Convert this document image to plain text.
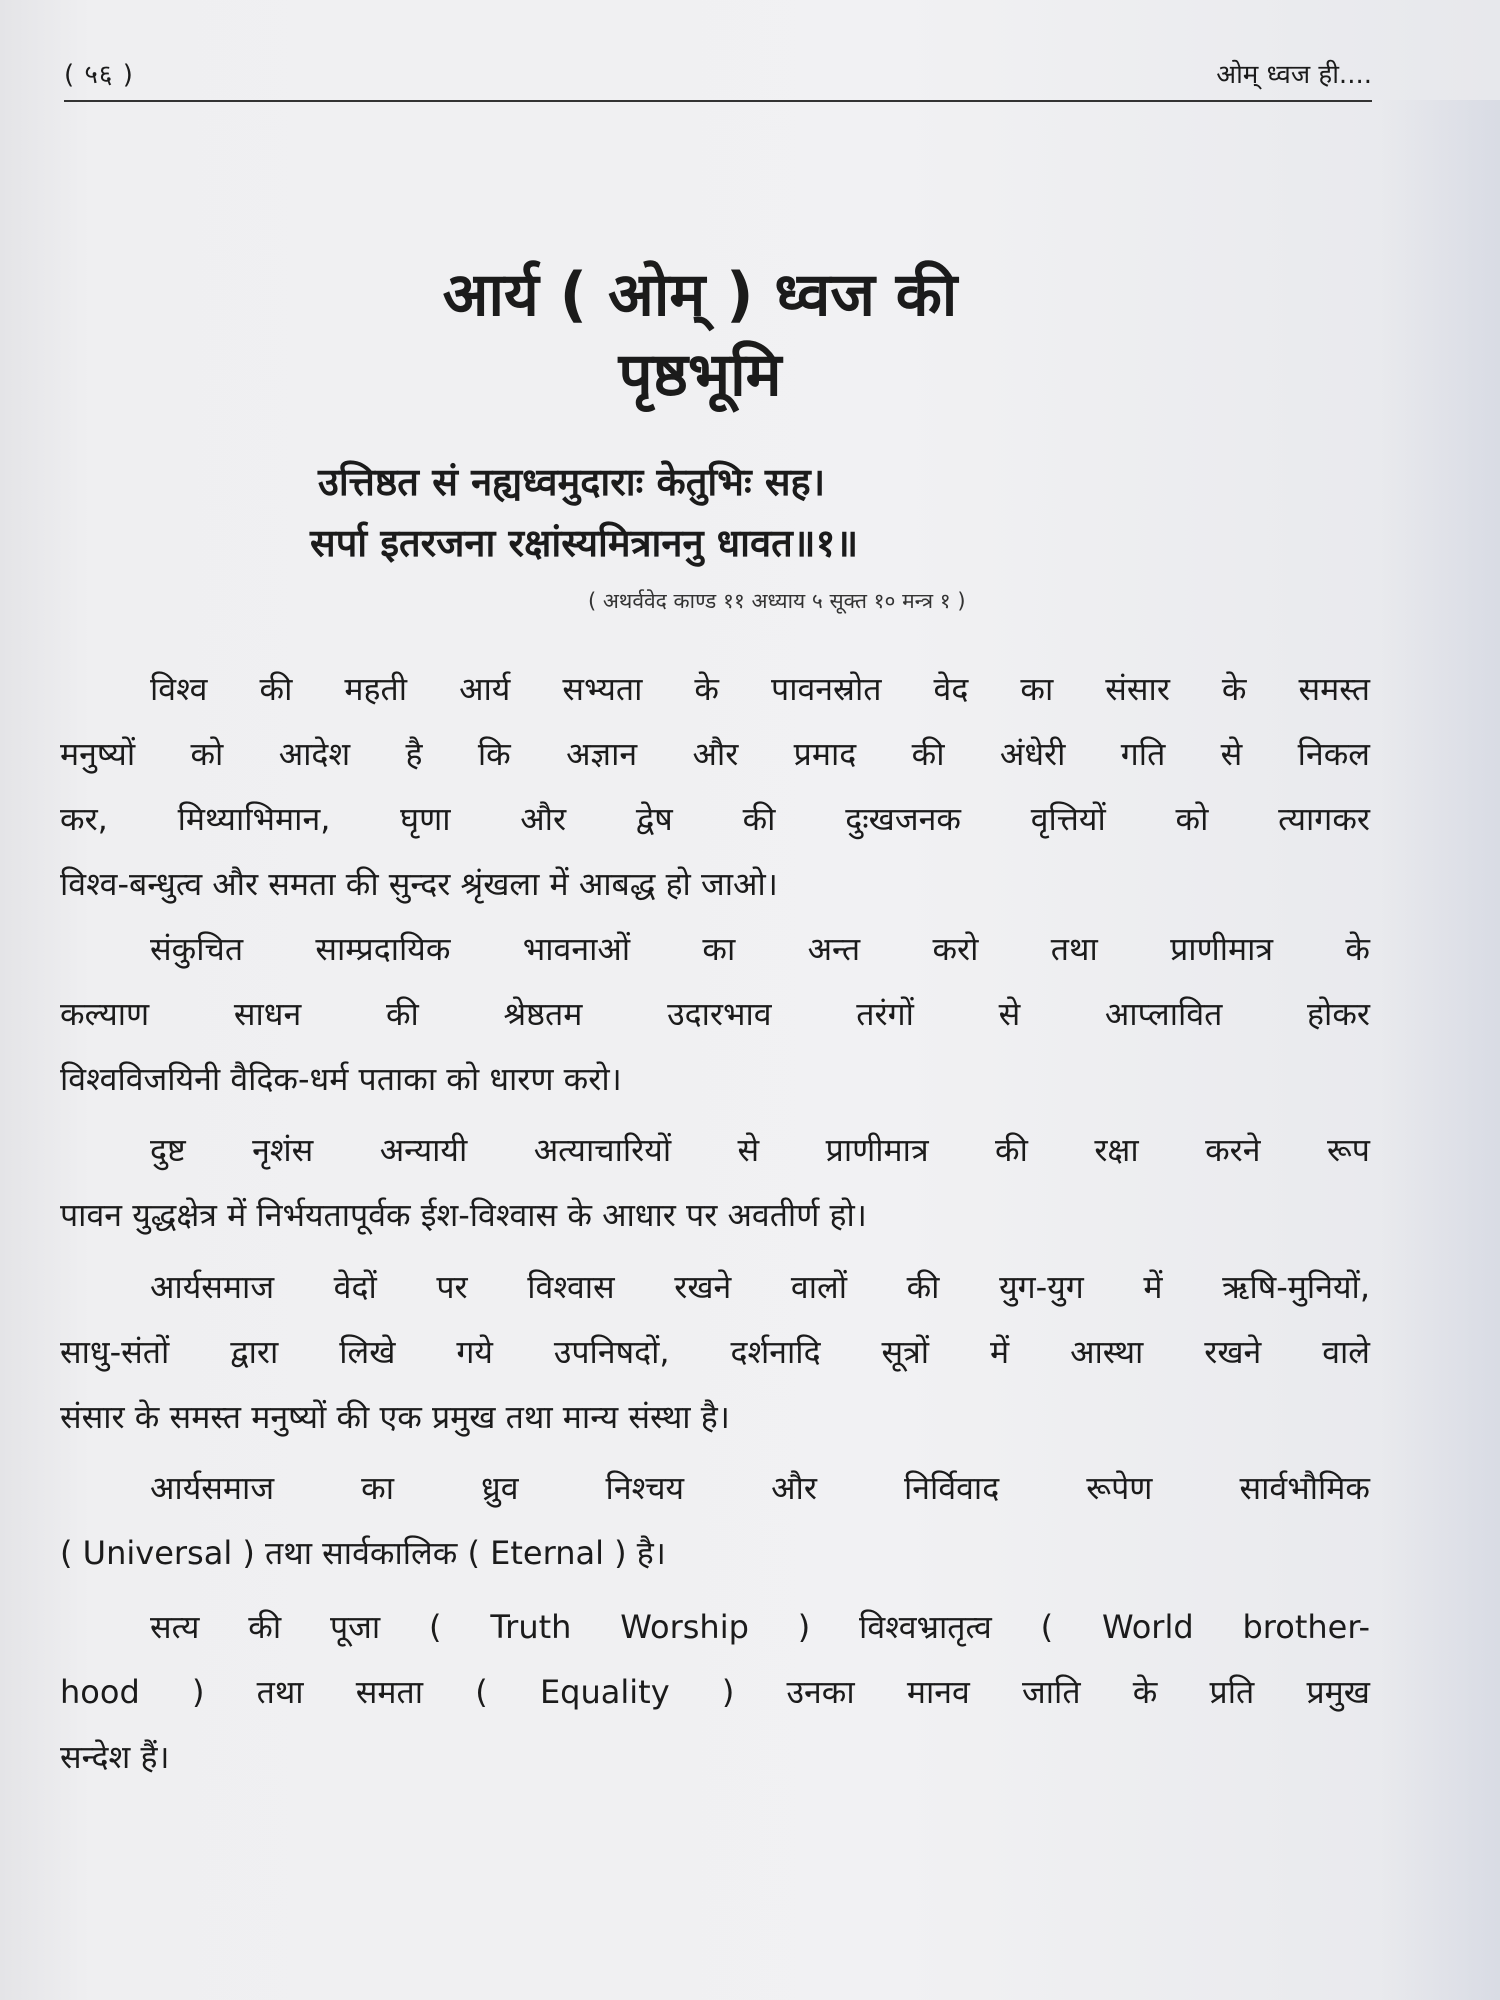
( ५६ )	ओम् ध्वज ही....
आर्य ( ओम् ) ध्वज की
पृष्ठभूमि
उत्तिष्ठत सं नह्यध्वमुदाराः केतुभिः सह।
सर्पा इतरजना रक्षांस्यमित्राननु धावत॥१॥
( अथर्ववेद काण्ड ११ अध्याय ५ सूक्त १० मन्त्र १ )
विश्व की महती आर्य सभ्यता के पावनस्रोत वेद का संसार के समस्त
मनुष्यों को आदेश है कि अज्ञान और प्रमाद की अंधेरी गति से निकल
कर, मिथ्याभिमान, घृणा और द्वेष की दुःखजनक वृत्तियों को त्यागकर
विश्व-बन्धुत्व और समता की सुन्दर श्रृंखला में आबद्ध हो जाओ।
संकुचित साम्प्रदायिक भावनाओं का अन्त करो तथा प्राणीमात्र के
कल्याण साधन की श्रेष्ठतम उदारभाव तरंगों से आप्लावित होकर
विश्वविजयिनी वैदिक-धर्म पताका को धारण करो।
दुष्ट नृशंस अन्यायी अत्याचारियों से प्राणीमात्र की रक्षा करने रूप
पावन युद्धक्षेत्र में निर्भयतापूर्वक ईश-विश्वास के आधार पर अवतीर्ण हो।
आर्यसमाज वेदों पर विश्वास रखने वालों की युग-युग में ऋषि-मुनियों,
साधु-संतों द्वारा लिखे गये उपनिषदों, दर्शनादि सूत्रों में आस्था रखने वाले
संसार के समस्त मनुष्यों की एक प्रमुख तथा मान्य संस्था है।
आर्यसमाज का ध्रुव निश्चय और निर्विवाद रूपेण सार्वभौमिक
( Universal ) तथा सार्वकालिक ( Eternal ) है।
सत्य की पूजा ( Truth Worship ) विश्वभ्रातृत्व ( World brother-
hood ) तथा समता ( Equality ) उनका मानव जाति के प्रति प्रमुख
सन्देश हैं।
